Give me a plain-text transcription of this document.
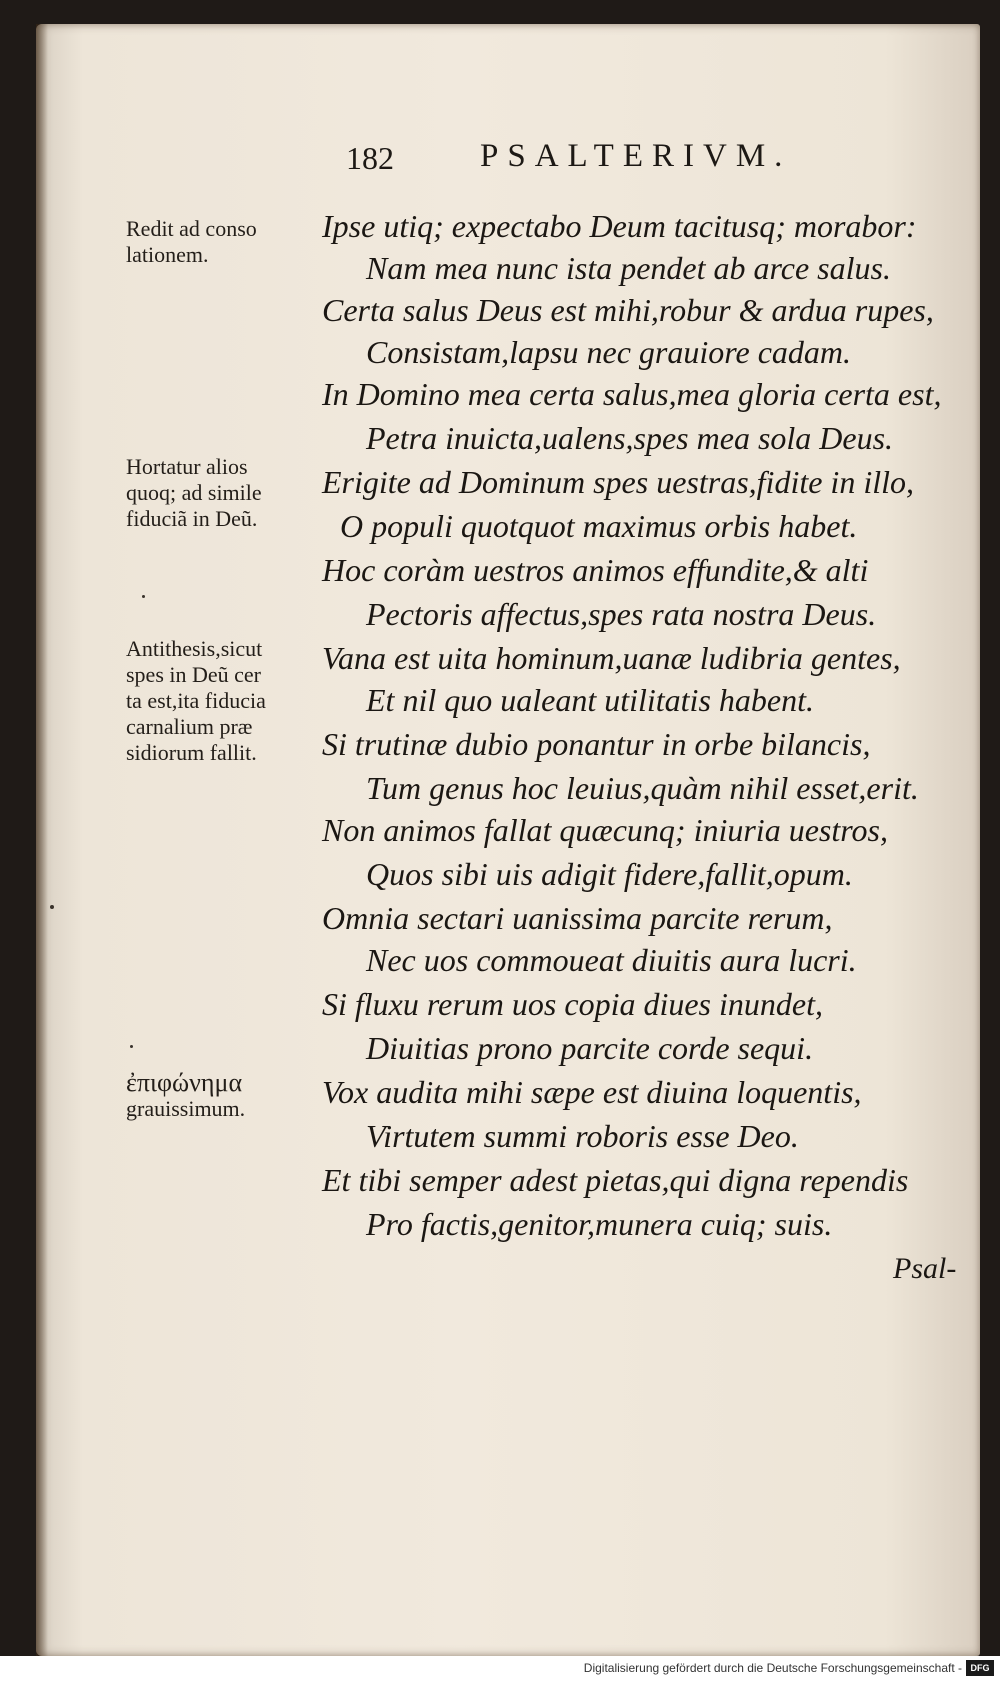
182	PSALTERIVM.
Redit ad conso
lationem.
Hortatur alios
quoq; ad simile
fiduciã in Deũ.
Antithesis,sicut
spes in Deũ cer
ta est,ita fiducia
carnalium præ
sidiorum fallit.
ἐπιφώνημα
grauissimum.
Ipse utiq; expectabo Deum tacitusq; morabor:
Nam mea nunc ista pendet ab arce salus.
Certa salus Deus est mihi,robur & ardua rupes,
Consistam,lapsu nec grauiore cadam.
In Domino mea certa salus,mea gloria certa est,
Petra inuicta,ualens,spes mea sola Deus.
Erigite ad Dominum spes uestras,fidite in illo,
O populi quotquot maximus orbis habet.
Hoc coràm uestros animos effundite,& alti
Pectoris affectus,spes rata nostra Deus.
Vana est uita hominum,uanæ ludibria gentes,
Et nil quo ualeant utilitatis habent.
Si trutinæ dubio ponantur in orbe bilancis,
Tum genus hoc leuius,quàm nihil esset,erit.
Non animos fallat quæcunq; iniuria uestros,
Quos sibi uis adigit fidere,fallit,opum.
Omnia sectari uanissima parcite rerum,
Nec uos commoueat diuitis aura lucri.
Si fluxu rerum uos copia diues inundet,
Diuitias prono parcite corde sequi.
Vox audita mihi sæpe est diuina loquentis,
Virtutem summi roboris esse Deo.
Et tibi semper adest pietas,qui digna rependis
Pro factis,genitor,munera cuiq; suis.
Psal-
Digitalisierung gefördert durch die Deutsche Forschungsgemeinschaft - DFG
